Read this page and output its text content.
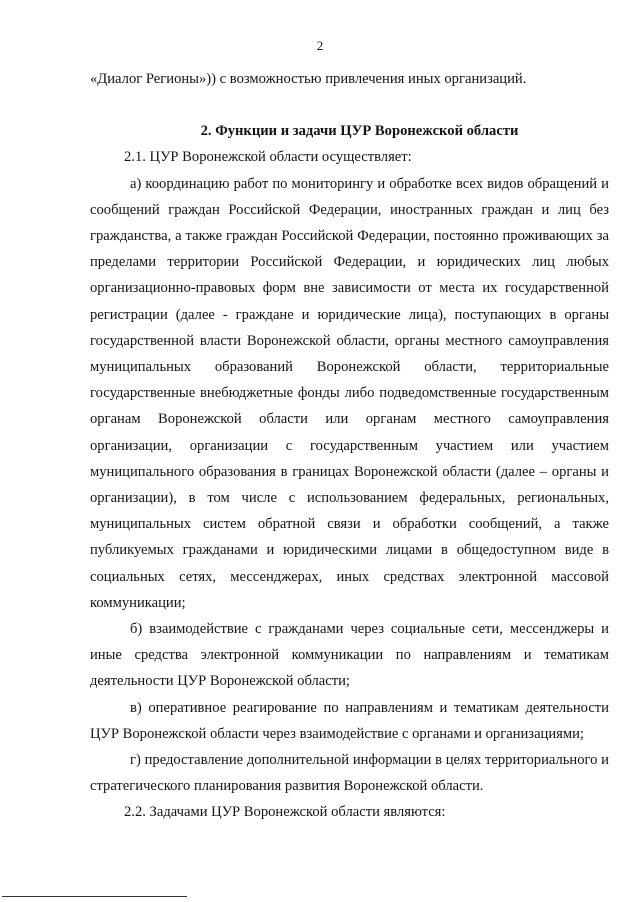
2

«Диалог Регионы»)) с возможностью привлечения иных организаций.

2. Функции и задачи ЦУР Воронежской области

2.1. ЦУР Воронежской области осуществляет:

а) координацию работ по мониторингу и обработке всех видов обращений и сообщений граждан Российской Федерации, иностранных граждан и лиц без гражданства, а также граждан Российской Федерации, постоянно проживающих за пределами территории Российской Федерации, и юридических лиц любых организационно-правовых форм вне зависимости от места их государственной регистрации (далее - граждане и юридические лица), поступающих в органы государственной власти Воронежской области, органы местного самоуправления муниципальных образований Воронежской области, территориальные государственные внебюджетные фонды либо подведомственные государственным органам Воронежской области или органам местного самоуправления организации, организации с государственным участием или участием муниципального образования в границах Воронежской области (далее – органы и организации), в том числе с использованием федеральных, региональных, муниципальных систем обратной связи и обработки сообщений, а также публикуемых гражданами и юридическими лицами в общедоступном виде в социальных сетях, мессенджерах, иных средствах электронной массовой коммуникации;

б) взаимодействие с гражданами через социальные сети, мессенджеры и иные средства электронной коммуникации по направлениям и тематикам деятельности ЦУР Воронежской области;

в) оперативное реагирование по направлениям и тематикам деятельности ЦУР Воронежской области через взаимодействие с органами и организациями;

г) предоставление дополнительной информации в целях территориального и стратегического планирования развития Воронежской области.

2.2. Задачами ЦУР Воронежской области являются:
